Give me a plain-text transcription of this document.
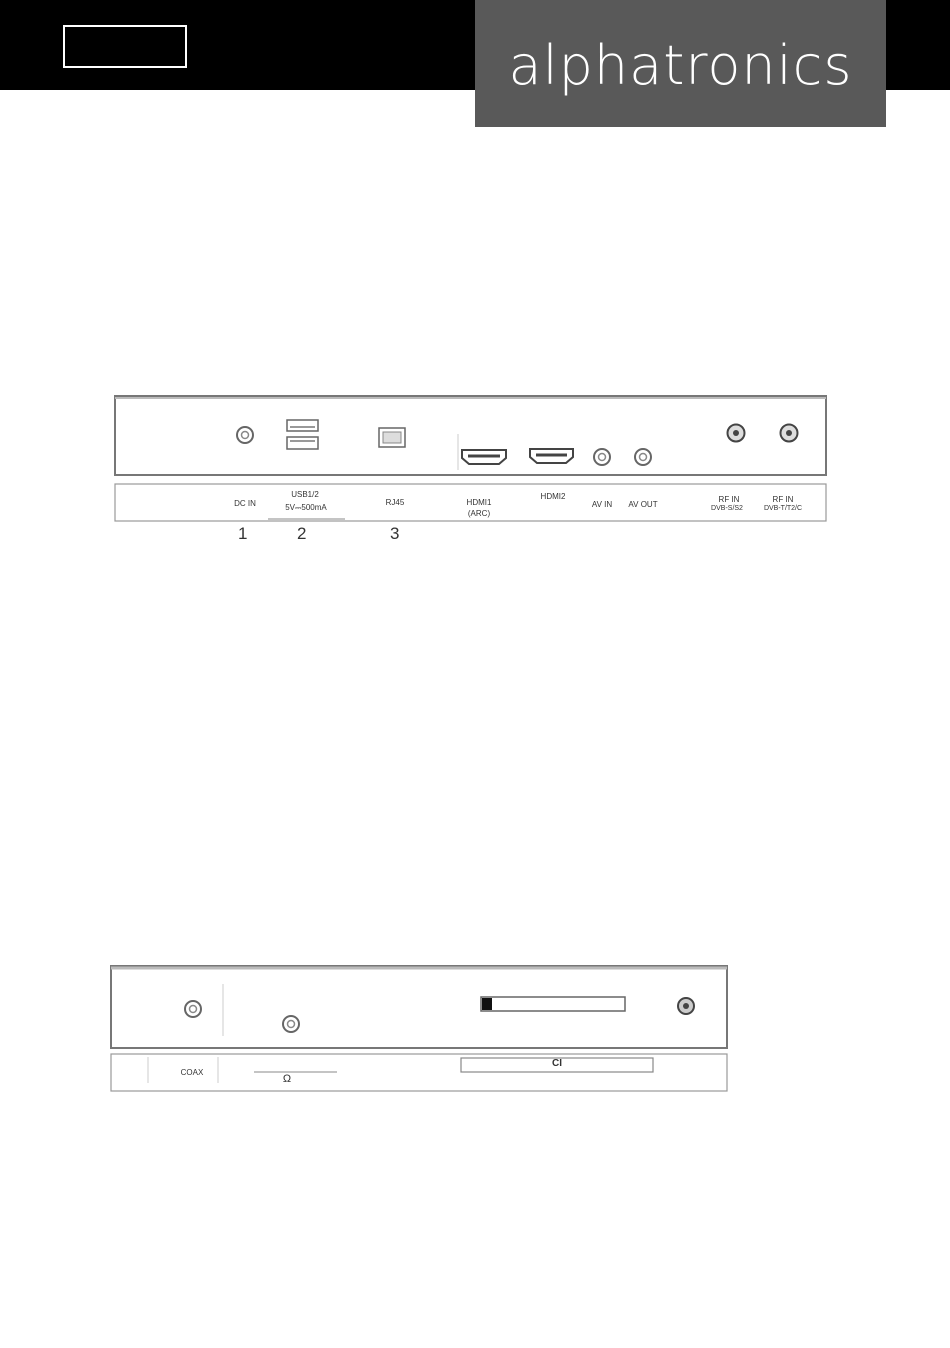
alphatronics
DC IN
USB1/2
5V⎓500mA
RJ45	HDMI1
(ARC)
HDMI2
AV IN	AV OUT
RF IN
DVB-S/S2
RF IN
DVB-T/T2/C
1	2	3
COAX
Ω
CI
